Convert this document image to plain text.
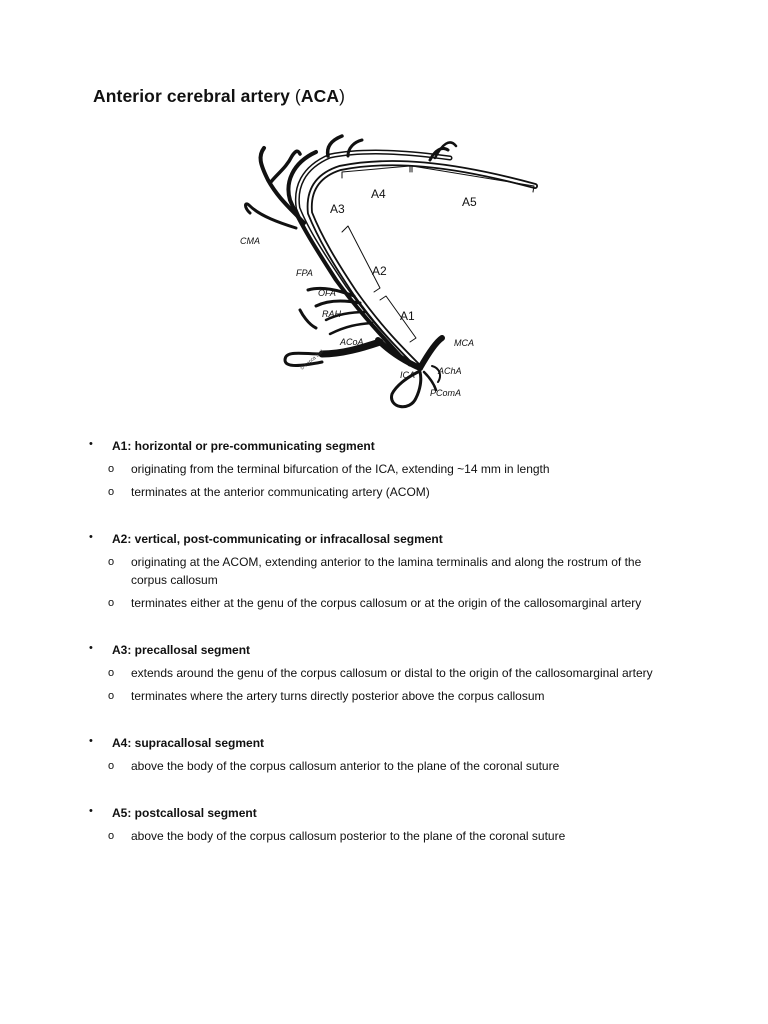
Anterior cerebral artery (ACA)
CMA
FPA
OFA
RAH
ACoA	MCA
ICA	AChA
PComA
A1
A2
A3
A4
A5
© Lecca Sail
• A1: horizontal or pre-communicating segment
o originating from the terminal bifurcation of the ICA, extending ~14 mm in length
o terminates at the anterior communicating artery (ACOM)
• A2: vertical, post-communicating or infracallosal segment
o originating at the ACOM, extending anterior to the lamina terminalis and along the rostrum of the corpus callosum
o terminates either at the genu of the corpus callosum or at the origin of the callosomarginal artery
• A3: precallosal segment
o extends around the genu of the corpus callosum or distal to the origin of the callosomarginal artery
o terminates where the artery turns directly posterior above the corpus callosum
• A4: supracallosal segment
o above the body of the corpus callosum anterior to the plane of the coronal suture
• A5: postcallosal segment
o above the body of the corpus callosum posterior to the plane of the coronal suture
